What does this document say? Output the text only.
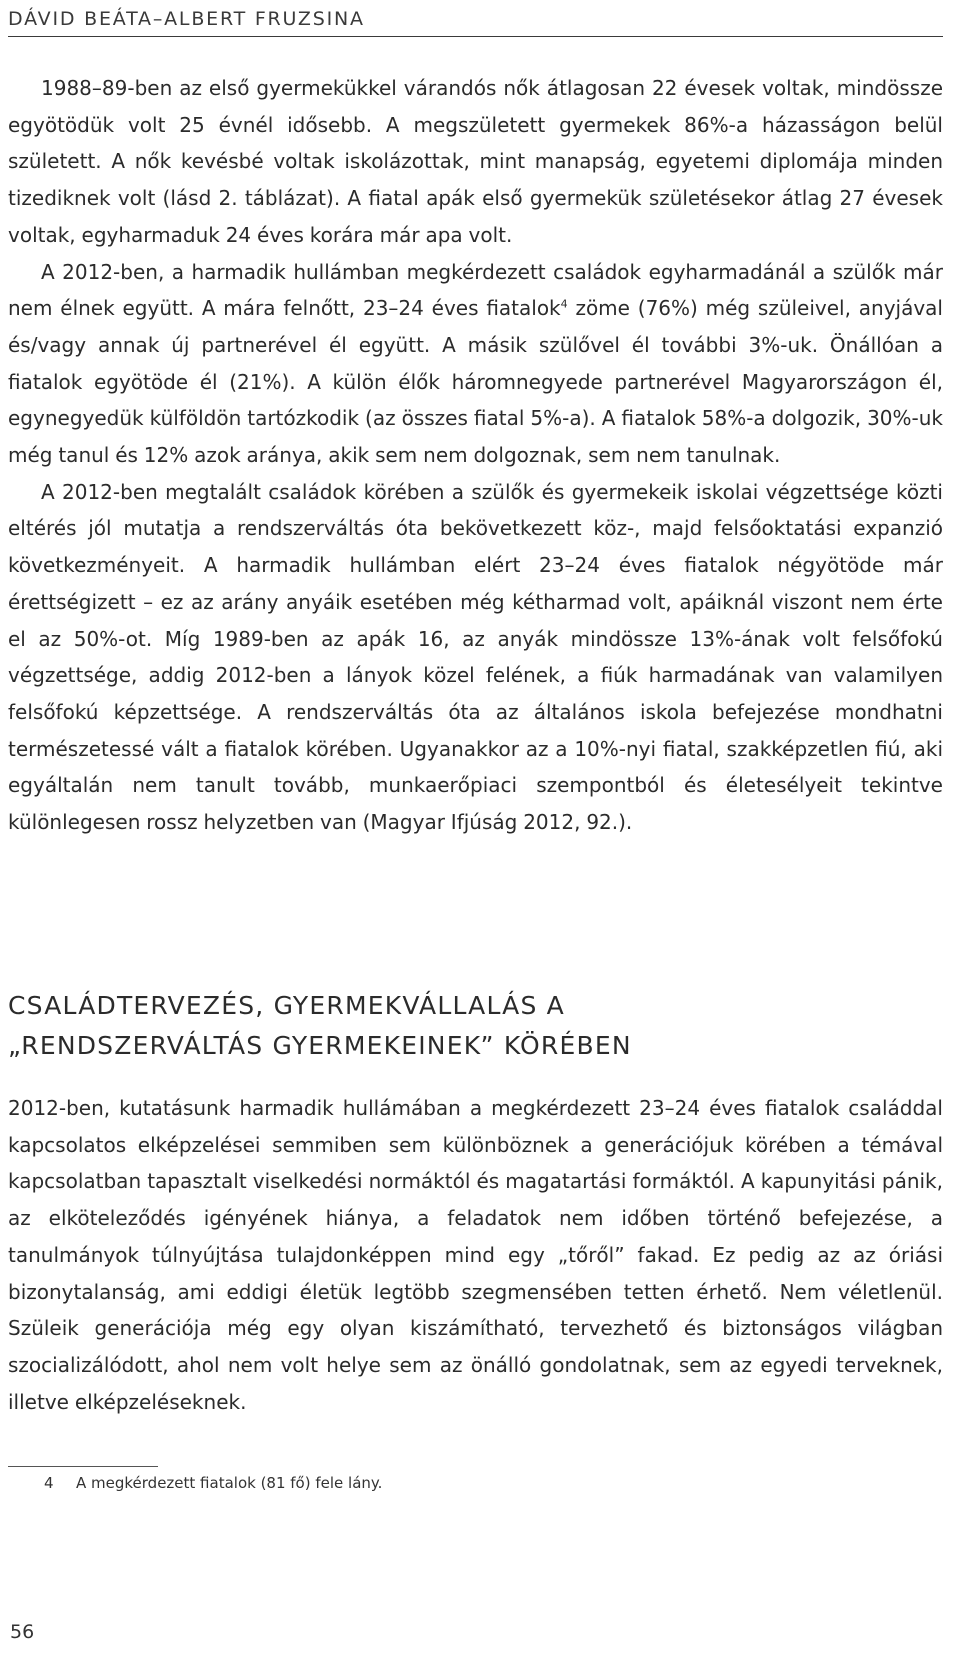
DÁVID BEÁTA–ALBERT FRUZSINA

1988–89-ben az első gyermekükkel várandós nők átlagosan 22 évesek voltak, mindössze egyötödük volt 25 évnél idősebb. A megszületett gyermekek 86%-a házasságon belül született. A nők kevésbé voltak iskolázottak, mint manapság, egyetemi diplomája minden tizediknek volt (lásd 2. táblázat). A fiatal apák első gyermekük születésekor átlag 27 évesek voltak, egyharmaduk 24 éves korára már apa volt.

A 2012-ben, a harmadik hullámban megkérdezett családok egyharmadánál a szülők már nem élnek együtt. A mára felnőtt, 23–24 éves fiatalok$^4$ zöme (76%) még szüleivel, anyjával és/vagy annak új partnerével él együtt. A másik szülővel él további 3%-uk. Önállóan a fiatalok egyötöde él (21%). A külön élők háromnegyede partnerével Magyarországon él, egynegyedük külföldön tartózkodik (az összes fiatal 5%-a). A fiatalok 58%-a dolgozik, 30%-uk még tanul és 12% azok aránya, akik sem nem dolgoznak, sem nem tanulnak.

A 2012-ben megtalált családok körében a szülők és gyermekeik iskolai végzettsége közti eltérés jól mutatja a rendszerváltás óta bekövetkezett köz-, majd felsőoktatási expanzió következményeit. A harmadik hullámban elért 23–24 éves fiatalok négyötöde már érettségizett – ez az arány anyáik esetében még kétharmad volt, apáiknál viszont nem érte el az 50%-ot. Míg 1989-ben az apák 16, az anyák mindössze 13%-ának volt felsőfokú végzettsége, addig 2012-ben a lányok közel felének, a fiúk harmadának van valamilyen felsőfokú képzettsége. A rendszerváltás óta az általános iskola befejezése mondhatni természetessé vált a fiatalok körében. Ugyanakkor az a 10%-nyi fiatal, szakképzetlen fiú, aki egyáltalán nem tanult tovább, munkaerőpiaci szempontból és életesélyeit tekintve különlegesen rossz helyzetben van (Magyar Ifjúság 2012, 92.).

CSALÁDTERVEZÉS, GYERMEKVÁLLALÁS A
„RENDSZERVÁLTÁS GYERMEKEINEK” KÖRÉBEN

2012-ben, kutatásunk harmadik hullámában a megkérdezett 23–24 éves fiatalok családdal kapcsolatos elképzelései semmiben sem különböznek a generációjuk körében a témával kapcsolatban tapasztalt viselkedési normáktól és magatartási formáktól. A kapunyitási pánik, az elköteleződés igényének hiánya, a feladatok nem időben történő befejezése, a tanulmányok túlnyújtása tulajdonképpen mind egy „tőről” fakad. Ez pedig az az óriási bizonytalanság, ami eddigi életük legtöbb szegmensében tetten érhető. Nem véletlenül. Szüleik generációja még egy olyan kiszámítható, tervezhető és biztonságos világban szocializálódott, ahol nem volt helye sem az önálló gondolatnak, sem az egyedi terveknek, illetve elképzeléseknek.

4 A megkérdezett fiatalok (81 fő) fele lány.
56
